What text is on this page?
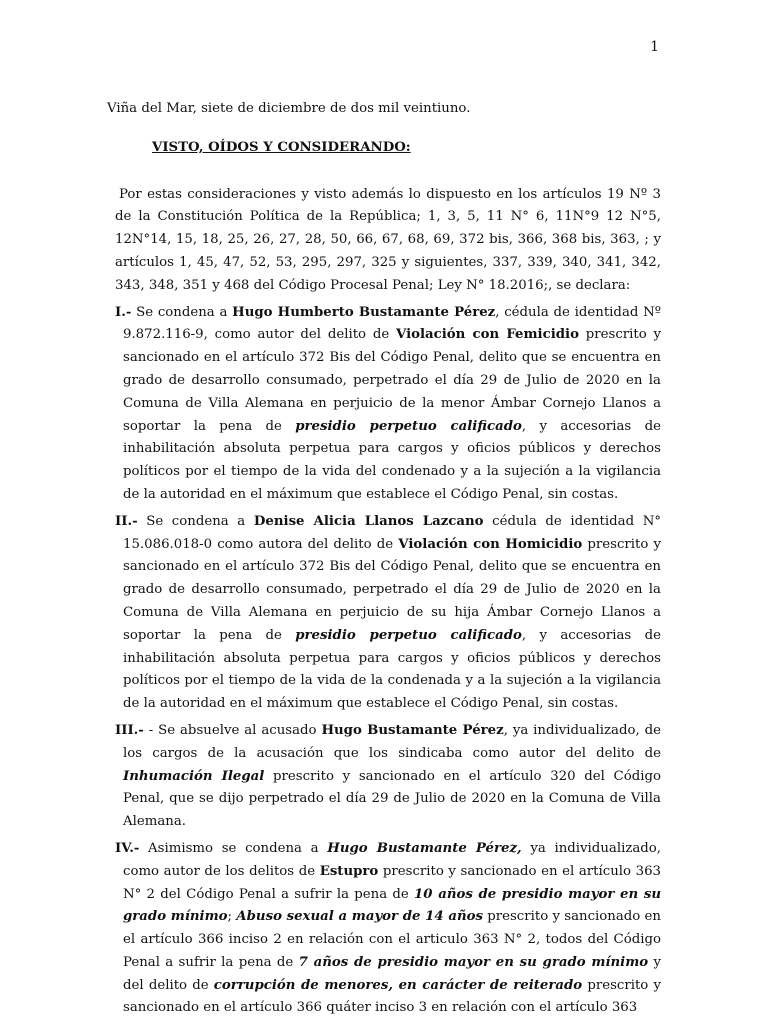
1

Viña del Mar, siete de diciembre de dos mil veintiuno.

VISTO, OÍDOS Y CONSIDERANDO:

Por estas consideraciones y visto además lo dispuesto en los artículos 19 Nº 3 de la Constitución Política de la República; 1, 3, 5, 11 N° 6, 11N°9 12 N°5, 12N°14, 15, 18, 25, 26, 27, 28, 50, 66, 67, 68, 69, 372 bis, 366, 368 bis, 363, ; y artículos 1, 45, 47, 52, 53, 295, 297, 325 y siguientes, 337, 339, 340, 341, 342, 343, 348, 351 y 468 del Código Procesal Penal; Ley N° 18.2016;, se declara:

I.- Se condena a Hugo Humberto Bustamante Pérez, cédula de identidad Nº 9.872.116-9, como autor del delito de Violación con Femicidio prescrito y sancionado en el artículo 372 Bis del Código Penal, delito que se encuentra en grado de desarrollo consumado, perpetrado el día 29 de Julio de 2020 en la Comuna de Villa Alemana en perjuicio de la menor Ámbar Cornejo Llanos a soportar la pena de presidio perpetuo calificado, y accesorias de inhabilitación absoluta perpetua para cargos y oficios públicos y derechos políticos por el tiempo de la vida del condenado y a la sujeción a la vigilancia de la autoridad en el máximum que establece el Código Penal, sin costas.

II.- Se condena a Denise Alicia Llanos Lazcano cédula de identidad N° 15.086.018-0 como autora del delito de Violación con Homicidio prescrito y sancionado en el artículo 372 Bis del Código Penal, delito que se encuentra en grado de desarrollo consumado, perpetrado el día 29 de Julio de 2020 en la Comuna de Villa Alemana en perjuicio de su hija Ámbar Cornejo Llanos a soportar la pena de presidio perpetuo calificado, y accesorias de inhabilitación absoluta perpetua para cargos y oficios públicos y derechos políticos por el tiempo de la vida de la condenada y a la sujeción a la vigilancia de la autoridad en el máximum que establece el Código Penal, sin costas.

III.- - Se absuelve al acusado Hugo Bustamante Pérez, ya individualizado, de los cargos de la acusación que los sindicaba como autor del delito de Inhumación Ilegal prescrito y sancionado en el artículo 320 del Código Penal, que se dijo perpetrado el día 29 de Julio de 2020 en la Comuna de Villa Alemana.

IV.- Asimismo se condena a Hugo Bustamante Pérez, ya individualizado, como autor de los delitos de Estupro prescrito y sancionado en el artículo 363 N° 2 del Código Penal a sufrir la pena de 10 años de presidio mayor en su grado mínimo; Abuso sexual a mayor de 14 años prescrito y sancionado en el artículo 366 inciso 2 en relación con el articulo 363 N° 2, todos del Código Penal a sufrir la pena de 7 años de presidio mayor en su grado mínimo y del delito de corrupción de menores, en carácter de reiterado prescrito y sancionado en el artículo 366 quáter inciso 3 en relación con el artículo 363
